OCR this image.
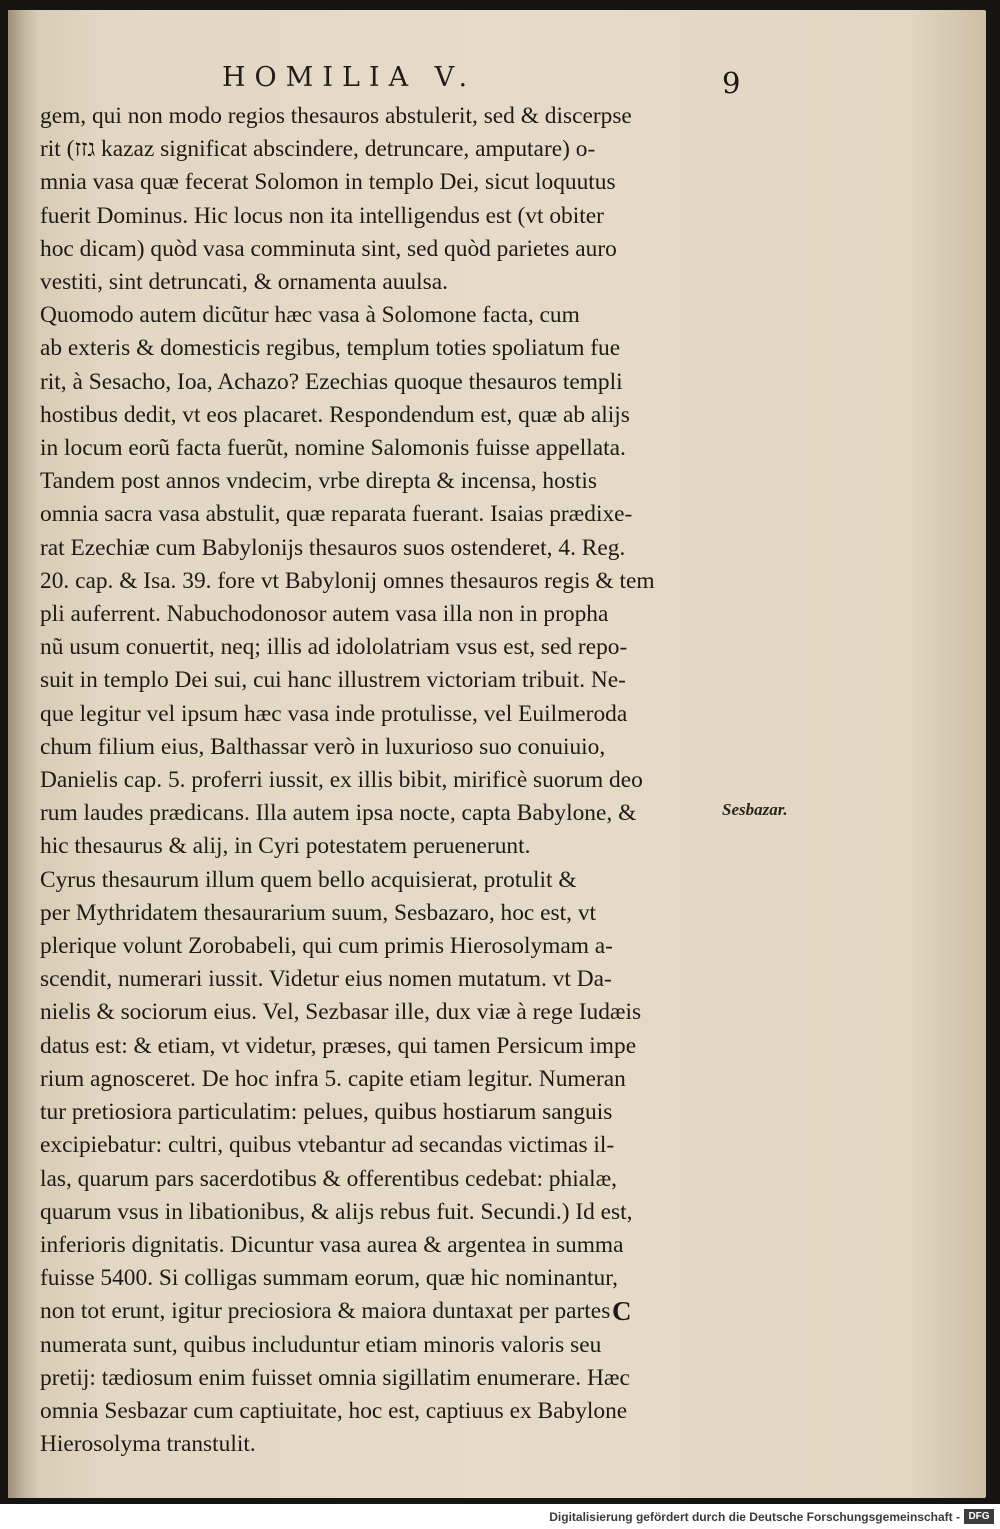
HOMILIA V.	9
gem, qui non modo regios thesauros abstulerit, sed & discerpse
rit (גזז kazaz significat abscindere, detruncare, amputare) o-
mnia vasa quæ fecerat Solomon in templo Dei, sicut loquutus
fuerit Dominus. Hic locus non ita intelligendus est (vt obiter
hoc dicam) quòd vasa comminuta sint, sed quòd parietes auro
vestiti, sint detruncati, & ornamenta auulsa.
Quomodo autem dicũtur hæc vasa à Solomone facta, cum
ab exteris & domesticis regibus, templum toties spoliatum fue
rit, à Sesacho, Ioa, Achazo? Ezechias quoque thesauros templi
hostibus dedit, vt eos placaret. Respondendum est, quæ ab alijs
in locum eorũ facta fuerũt, nomine Salomonis fuisse appellata.
Tandem post annos vndecim, vrbe direpta & incensa, hostis
omnia sacra vasa abstulit, quæ reparata fuerant. Isaias prædixe-
rat Ezechiæ cum Babylonijs thesauros suos ostenderet, 4. Reg.
20. cap. & Isa. 39. fore vt Babylonij omnes thesauros regis & tem
pli auferrent. Nabuchodonosor autem vasa illa non in propha
nũ usum conuertit, neq; illis ad idololatriam vsus est, sed repo-
suit in templo Dei sui, cui hanc illustrem victoriam tribuit. Ne-
que legitur vel ipsum hæc vasa inde protulisse, vel Euilmeroda
chum filium eius, Balthassar verò in luxurioso suo conuiuio,
Danielis cap. 5. proferri iussit, ex illis bibit, mirificè suorum deo
rum laudes prædicans. Illa autem ipsa nocte, capta Babylone, &
hic thesaurus & alij, in Cyri potestatem peruenerunt.
Cyrus thesaurum illum quem bello acquisierat, protulit &
per Mythridatem thesaurarium suum, Sesbazaro, hoc est, vt
plerique volunt Zorobabeli, qui cum primis Hierosolymam a-
scendit, numerari iussit. Videtur eius nomen mutatum. vt Da-
nielis & sociorum eius. Vel, Sezbasar ille, dux viæ à rege Iudæis
datus est: & etiam, vt videtur, præses, qui tamen Persicum impe
rium agnosceret. De hoc infra 5. capite etiam legitur. Numeran
tur pretiosiora particulatim: pelues, quibus hostiarum sanguis
excipiebatur: cultri, quibus vtebantur ad secandas victimas il-
las, quarum pars sacerdotibus & offerentibus cedebat: phialæ,
quarum vsus in libationibus, & alijs rebus fuit. Secundi.) Id est,
inferioris dignitatis. Dicuntur vasa aurea & argentea in summa
fuisse 5400. Si colligas summam eorum, quæ hic nominantur,
non tot erunt, igitur preciosiora & maiora duntaxat per partes
numerata sunt, quibus includuntur etiam minoris valoris seu
pretij: tædiosum enim fuisset omnia sigillatim enumerare. Hæc
omnia Sesbazar cum captiuitate, hoc est, captiuus ex Babylone
Hierosolyma transtulit.
Sesbazar.
C
Digitalisierung gefördert durch die Deutsche Forschungsgemeinschaft - DFG
